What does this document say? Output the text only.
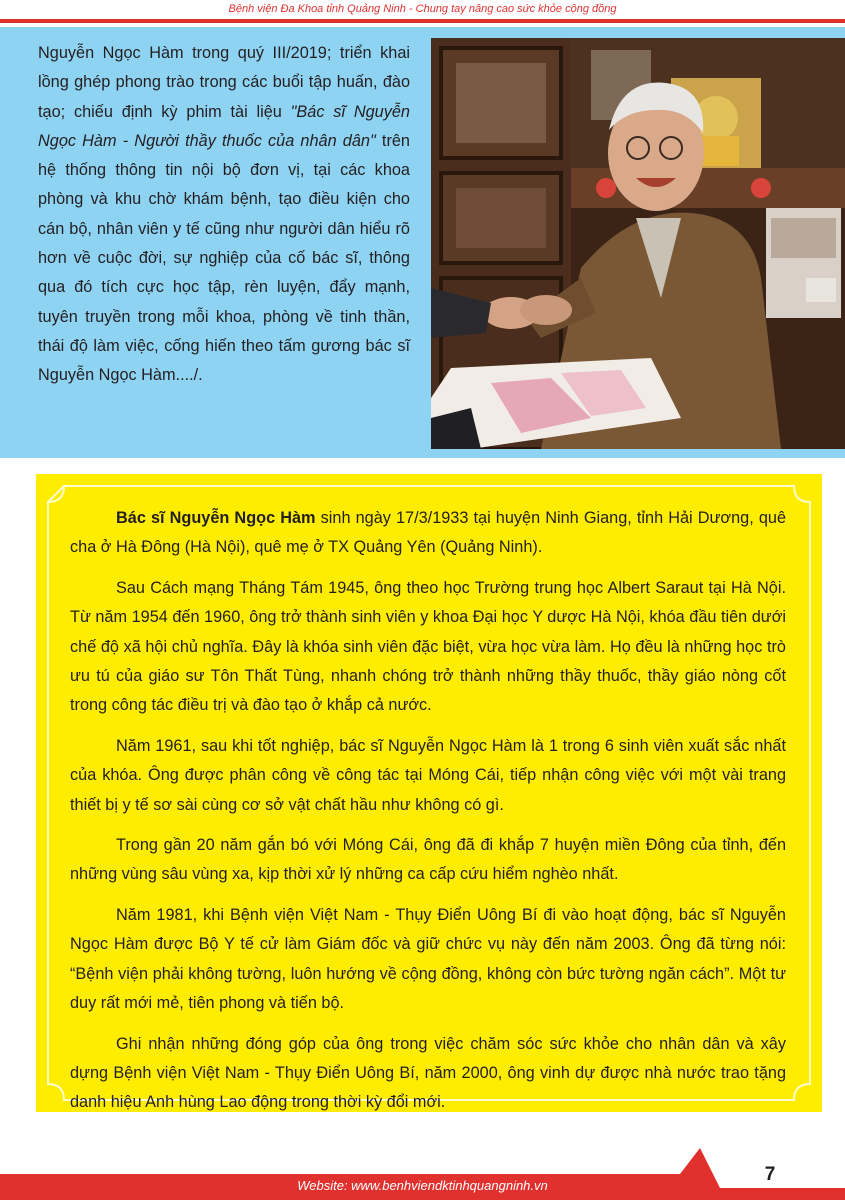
Bệnh viện Đa Khoa tỉnh Quảng Ninh - Chung tay nâng cao sức khỏe cộng đồng
Nguyễn Ngọc Hàm trong quý III/2019; triển khai lồng ghép phong trào trong các buổi tập huấn, đào tạo; chiếu định kỳ phim tài liệu "Bác sĩ Nguyễn Ngọc Hàm - Người thầy thuốc của nhân dân" trên hệ thống thông tin nội bộ đơn vị, tại các khoa phòng và khu chờ khám bệnh, tạo điều kiện cho cán bộ, nhân viên y tế cũng như người dân hiểu rõ hơn về cuộc đời, sự nghiệp của cố bác sĩ, thông qua đó tích cực học tập, rèn luyện, đẩy mạnh, tuyên truyền trong mỗi khoa, phòng về tinh thần, thái độ làm việc, cống hiến theo tấm gương bác sĩ Nguyễn Ngọc Hàm..../.

Bác sĩ Nguyễn Ngọc Hàm sinh ngày 17/3/1933 tại huyện Ninh Giang, tỉnh Hải Dương, quê cha ở Hà Đông (Hà Nội), quê mẹ ở TX Quảng Yên (Quảng Ninh).

Sau Cách mạng Tháng Tám 1945, ông theo học Trường trung học Albert Saraut tại Hà Nội. Từ năm 1954 đến 1960, ông trở thành sinh viên y khoa Đại học Y dược Hà Nội, khóa đầu tiên dưới chế độ xã hội chủ nghĩa. Đây là khóa sinh viên đặc biệt, vừa học vừa làm. Họ đều là những học trò ưu tú của giáo sư Tôn Thất Tùng, nhanh chóng trở thành những thầy thuốc, thầy giáo nòng cốt trong công tác điều trị và đào tạo ở khắp cả nước.

Năm 1961, sau khi tốt nghiệp, bác sĩ Nguyễn Ngọc Hàm là 1 trong 6 sinh viên xuất sắc nhất của khóa. Ông được phân công về công tác tại Móng Cái, tiếp nhận công việc với một vài trang thiết bị y tế sơ sài cùng cơ sở vật chất hầu như không có gì.

Trong gần 20 năm gắn bó với Móng Cái, ông đã đi khắp 7 huyện miền Đông của tỉnh, đến những vùng sâu vùng xa, kịp thời xử lý những ca cấp cứu hiểm nghèo nhất.

Năm 1981, khi Bệnh viện Việt Nam - Thụy Điển Uông Bí đi vào hoạt động, bác sĩ Nguyễn Ngọc Hàm được Bộ Y tế cử làm Giám đốc và giữ chức vụ này đến năm 2003. Ông đã từng nói: “Bệnh viện phải không tường, luôn hướng về cộng đồng, không còn bức tường ngăn cách”. Một tư duy rất mới mẻ, tiên phong và tiến bộ.

Ghi nhận những đóng góp của ông trong việc chăm sóc sức khỏe cho nhân dân và xây dựng Bệnh viện Việt Nam - Thụy Điển Uông Bí, năm 2000, ông vinh dự được nhà nước trao tặng danh hiệu Anh hùng Lao động trong thời kỳ đổi mới.

Website: www.benhviendktinhquangninh.vn
7
